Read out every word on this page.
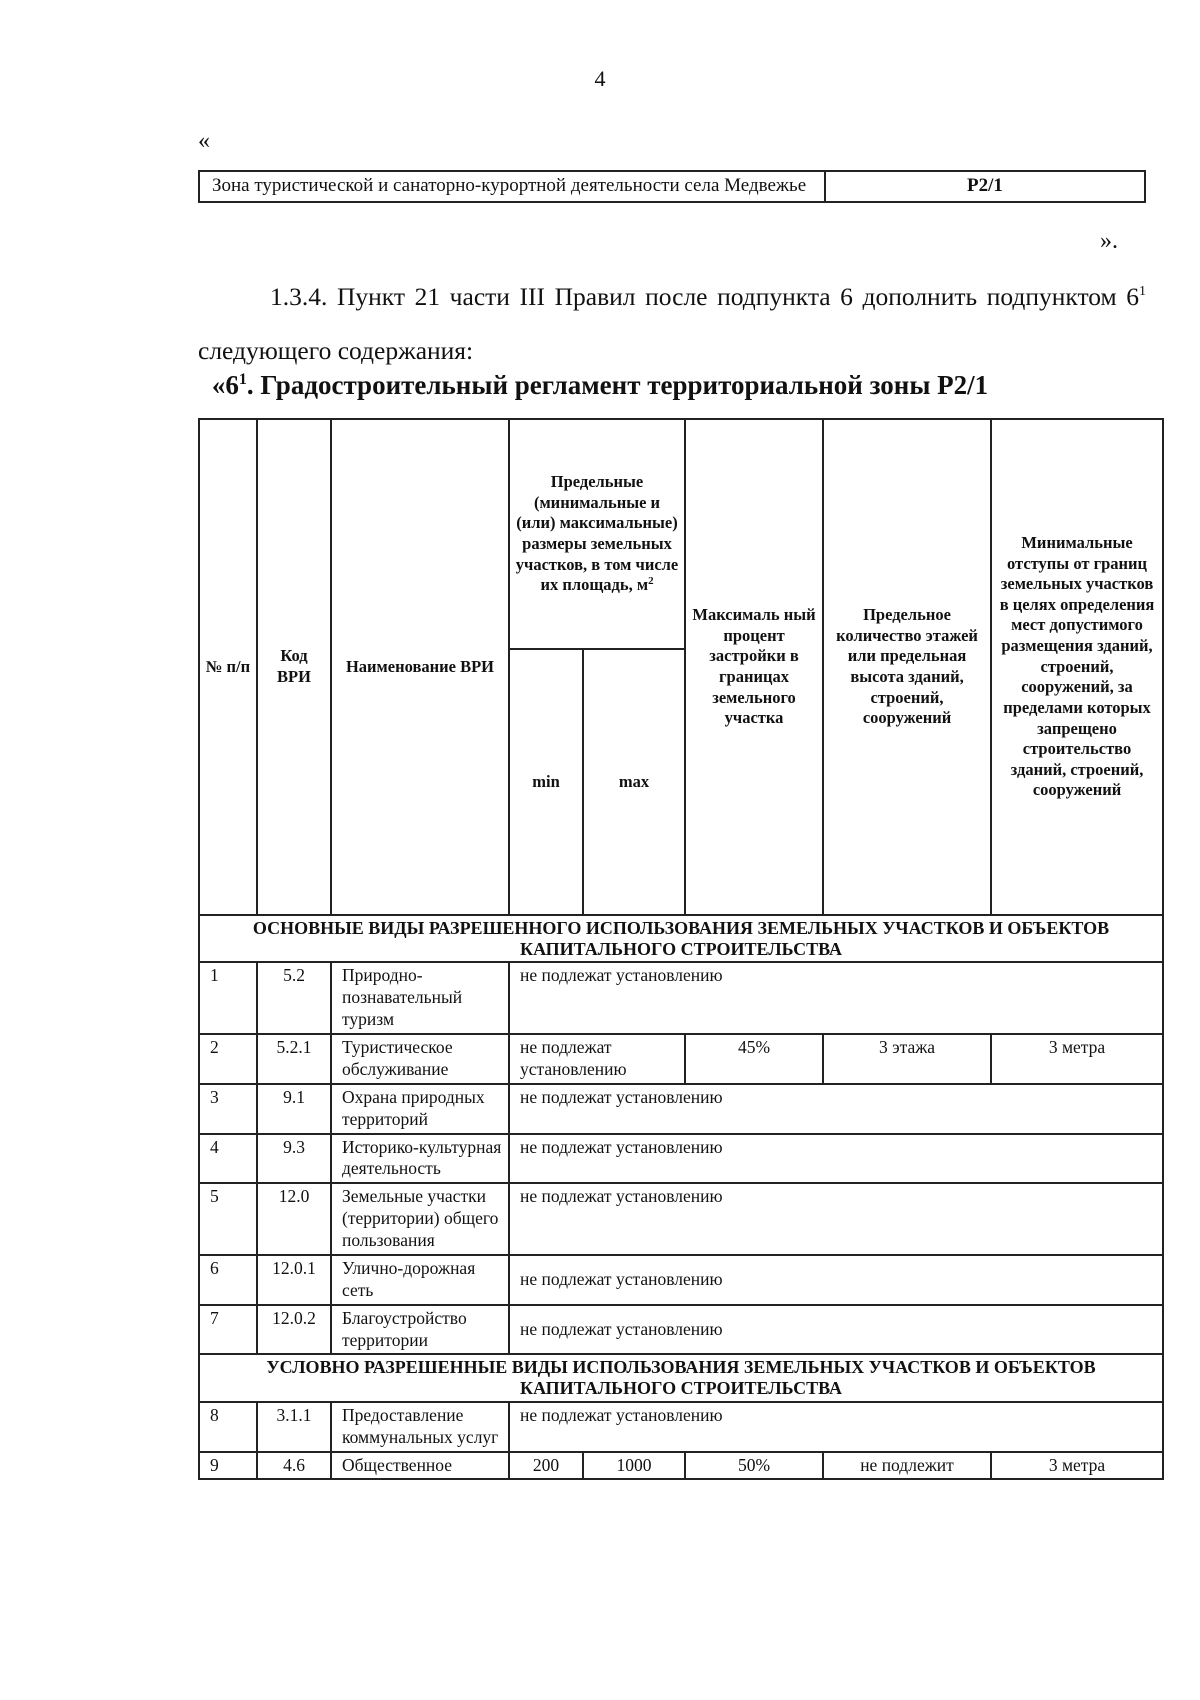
4
«
Зона туристической и санаторно-курортной деятельности села Медвежье	Р2/1
».
1.3.4. Пункт 21 части III Правил после подпункта 6 дополнить подпунктом $6^1$ следующего содержания:
«$6^1$. Градостроительный регламент территориальной зоны Р2/1
№ п/п	Код ВРИ	Наименование ВРИ	Предельные (минимальные и (или) максимальные) размеры земельных участков, в том числе их площадь, $м^2$		Максималь ный процент застройки в границах земельного участка	Предельное количество этажей или предельная высота зданий, строений, сооружений	Минимальные отступы от границ земельных участков в целях определения мест допустимого размещения зданий, строений, сооружений, за пределами которых запрещено строительство зданий, строений, сооружений
			min	max			
ОСНОВНЫЕ ВИДЫ РАЗРЕШЕННОГО ИСПОЛЬЗОВАНИЯ ЗЕМЕЛЬНЫХ УЧАСТКОВ И ОБЪЕКТОВ КАПИТАЛЬНОГО СТРОИТЕЛЬСТВА							
1	5.2	Природно-познавательный туризм	не подлежат установлению				
2	5.2.1	Туристическое обслуживание	не подлежат установлению		45%	3 этажа	3 метра
3	9.1	Охрана природных территорий	не подлежат установлению				
4	9.3	Историко-культурная деятельность	не подлежат установлению				
5	12.0	Земельные участки (территории) общего пользования	не подлежат установлению				
6	12.0.1	Улично-дорожная сеть	не подлежат установлению				
7	12.0.2	Благоустройство территории	не подлежат установлению				
УСЛОВНО РАЗРЕШЕННЫЕ ВИДЫ ИСПОЛЬЗОВАНИЯ ЗЕМЕЛЬНЫХ УЧАСТКОВ И ОБЪЕКТОВ КАПИТАЛЬНОГО СТРОИТЕЛЬСТВА							
8	3.1.1	Предоставление коммунальных услуг	не подлежат установлению				
9	4.6	Общественное	200	1000	50%	не подлежит	3 метра
